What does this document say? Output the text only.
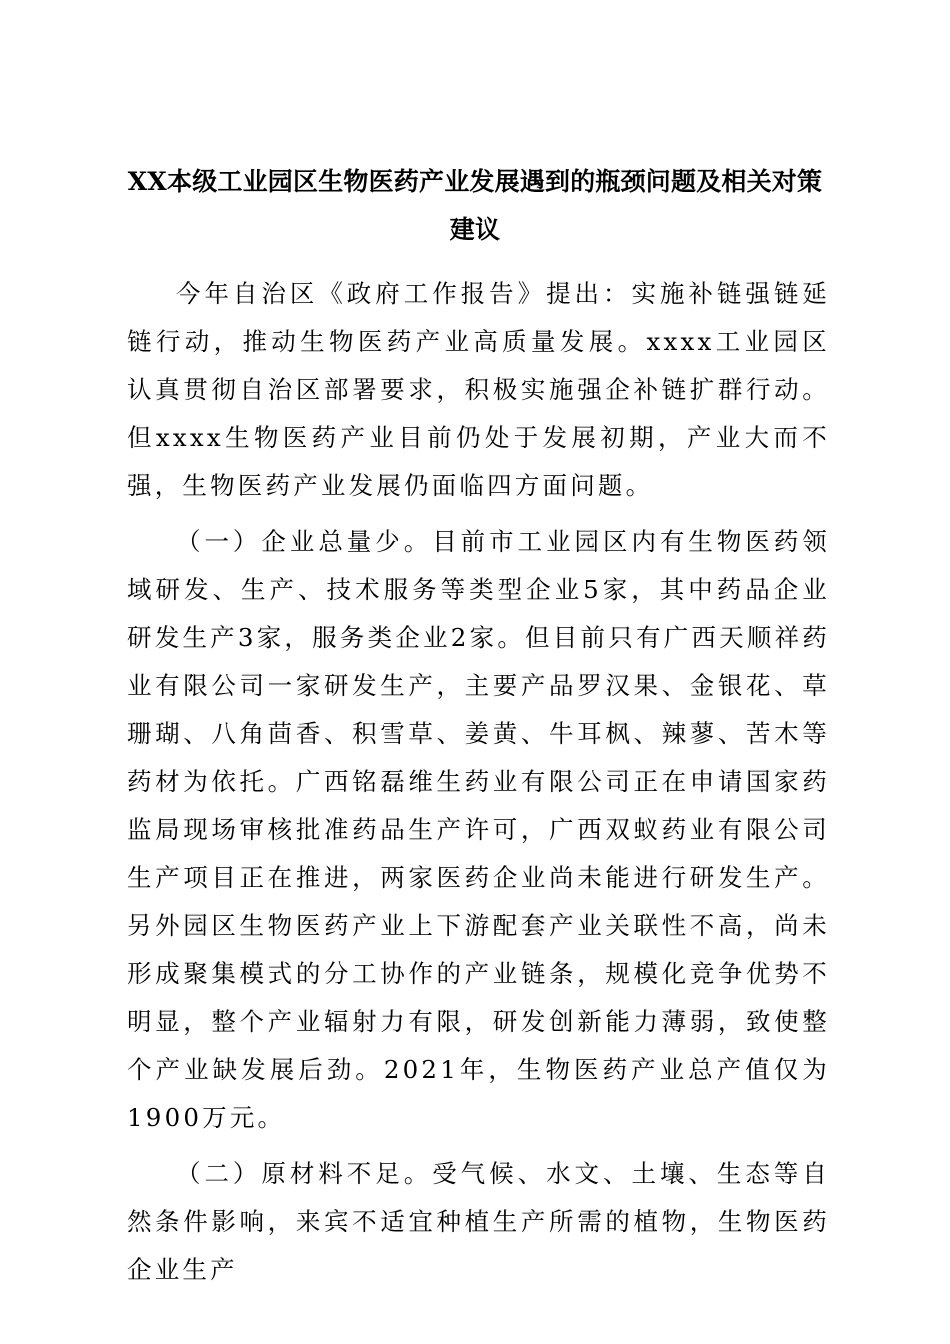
XX本级工业园区生物医药产业发展遇到的瓶颈问题及相关对策建议

今年自治区《政府工作报告》提出：实施补链强链延链行动，推动生物医药产业高质量发展。xxxx工业园区认真贯彻自治区部署要求，积极实施强企补链扩群行动。但xxxx生物医药产业目前仍处于发展初期，产业大而不强，生物医药产业发展仍面临四方面问题。

（一）企业总量少。目前市工业园区内有生物医药领域研发、生产、技术服务等类型企业5家，其中药品企业研发生产3家，服务类企业2家。但目前只有广西天顺祥药业有限公司一家研发生产，主要产品罗汉果、金银花、草珊瑚、八角茴香、积雪草、姜黄、牛耳枫、辣蓼、苦木等药材为依托。广西铭磊维生药业有限公司正在申请国家药监局现场审核批准药品生产许可，广西双蚁药业有限公司生产项目正在推进，两家医药企业尚未能进行研发生产。另外园区生物医药产业上下游配套产业关联性不高，尚未形成聚集模式的分工协作的产业链条，规模化竞争优势不明显，整个产业辐射力有限，研发创新能力薄弱，致使整个产业缺发展后劲。2021年，生物医药产业总产值仅为1900万元。

（二）原材料不足。受气候、水文、土壤、生态等自然条件影响，来宾不适宜种植生产所需的植物，生物医药企业生产
